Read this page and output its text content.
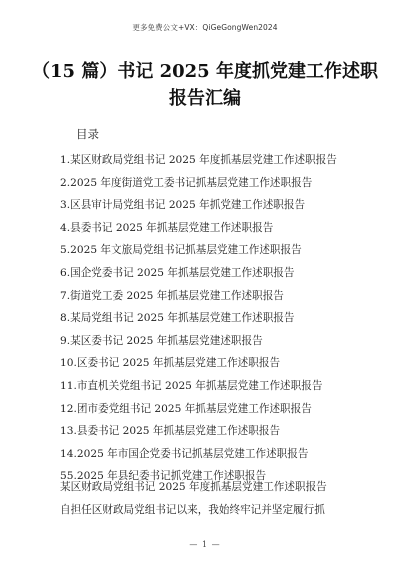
更多免费公文+VX：QiGeGongWen2024
（15 篇）书记 2025 年度抓党建工作述职
报告汇编
目录
1.某区财政局党组书记 2025 年度抓基层党建工作述职报告
2.2025 年度街道党工委书记抓基层党建工作述职报告
3.区县审计局党组书记 2025 年抓党建工作述职报告
4.县委书记 2025 年抓基层党建工作述职报告
5.2025 年文旅局党组书记抓基层党建工作述职报告
6.国企党委书记 2025 年抓基层党建工作述职报告
7.街道党工委 2025 年抓基层党建工作述职报告
8.某局党组书记 2025 年抓基层党建工作述职报告
9.某区委书记 2025 年抓基层党建述职报告
10.区委书记 2025 年抓基层党建工作述职报告
11.市直机关党组书记 2025 年抓基层党建工作述职报告
12.团市委党组书记 2025 年抓基层党建工作述职报告
13.县委书记 2025 年抓基层党建工作述职报告
14.2025 年市国企党委书记抓基层党建工作述职报告
55.2025 年县纪委书记抓党建工作述职报告

某区财政局党组书记 2025 年度抓基层党建工作述职报告

自担任区财政局党组书记以来，我始终牢记并坚定履行抓

— 1 —
